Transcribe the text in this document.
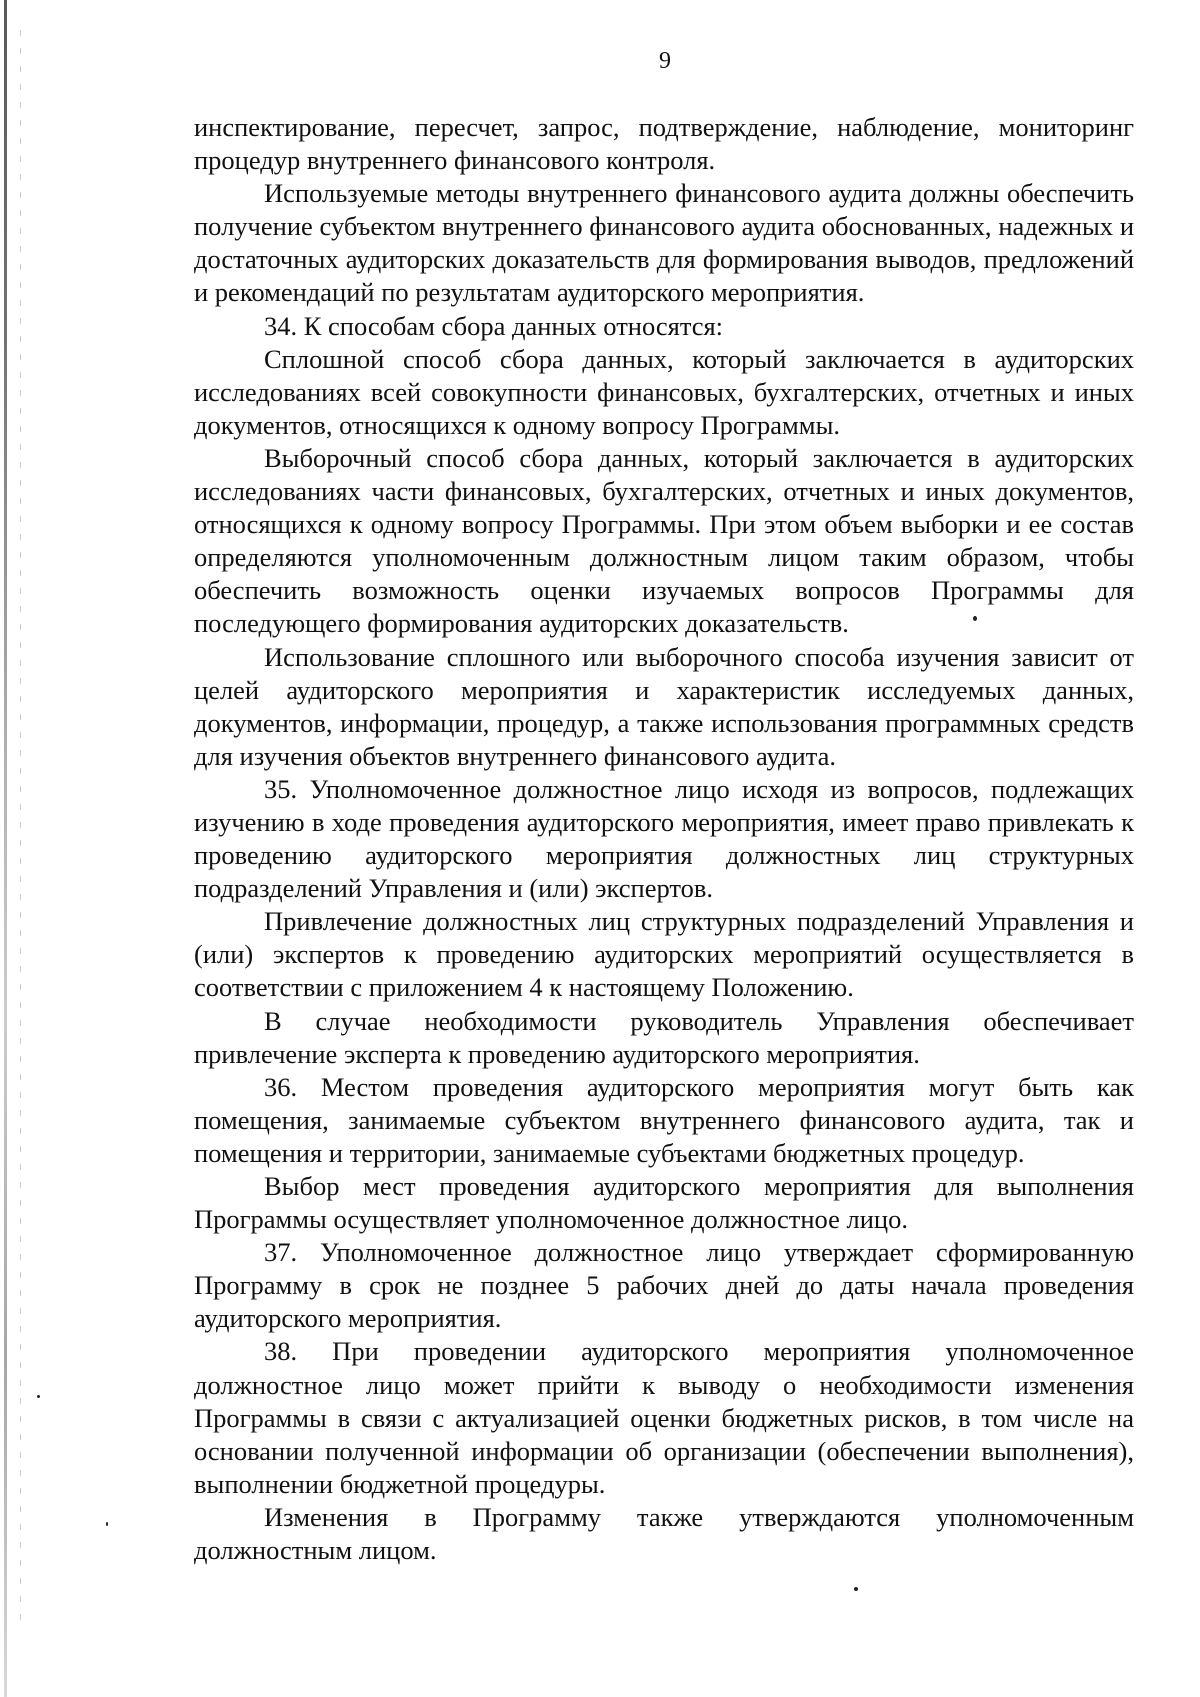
9

инспектирование, пересчет, запрос, подтверждение, наблюдение, мониторинг процедур внутреннего финансового контроля.

Используемые методы внутреннего финансового аудита должны обеспечить получение субъектом внутреннего финансового аудита обоснованных, надежных и достаточных аудиторских доказательств для формирования выводов, предложений и рекомендаций по результатам аудиторского мероприятия.

34. К способам сбора данных относятся:

Сплошной способ сбора данных, который заключается в аудиторских исследованиях всей совокупности финансовых, бухгалтерских, отчетных и иных документов, относящихся к одному вопросу Программы.

Выборочный способ сбора данных, который заключается в аудиторских исследованиях части финансовых, бухгалтерских, отчетных и иных документов, относящихся к одному вопросу Программы. При этом объем выборки и ее состав определяются уполномоченным должностным лицом таким образом, чтобы обеспечить возможность оценки изучаемых вопросов Программы для последующего формирования аудиторских доказательств.

Использование сплошного или выборочного способа изучения зависит от целей аудиторского мероприятия и характеристик исследуемых данных, документов, информации, процедур, а также использования программных средств для изучения объектов внутреннего финансового аудита.

35. Уполномоченное должностное лицо исходя из вопросов, подлежащих изучению в ходе проведения аудиторского мероприятия, имеет право привлекать к проведению аудиторского мероприятия должностных лиц структурных подразделений Управления и (или) экспертов.

Привлечение должностных лиц структурных подразделений Управления и (или) экспертов к проведению аудиторских мероприятий осуществляется в соответствии с приложением 4 к настоящему Положению.

В случае необходимости руководитель Управления обеспечивает привлечение эксперта к проведению аудиторского мероприятия.

36. Местом проведения аудиторского мероприятия могут быть как помещения, занимаемые субъектом внутреннего финансового аудита, так и помещения и территории, занимаемые субъектами бюджетных процедур.

Выбор мест проведения аудиторского мероприятия для выполнения Программы осуществляет уполномоченное должностное лицо.

37. Уполномоченное должностное лицо утверждает сформированную Программу в срок не позднее 5 рабочих дней до даты начала проведения аудиторского мероприятия.

38. При проведении аудиторского мероприятия уполномоченное должностное лицо может прийти к выводу о необходимости изменения Программы в связи с актуализацией оценки бюджетных рисков, в том числе на основании полученной информации об организации (обеспечении выполнения), выполнении бюджетной процедуры.

Изменения в Программу также утверждаются уполномоченным должностным лицом.
